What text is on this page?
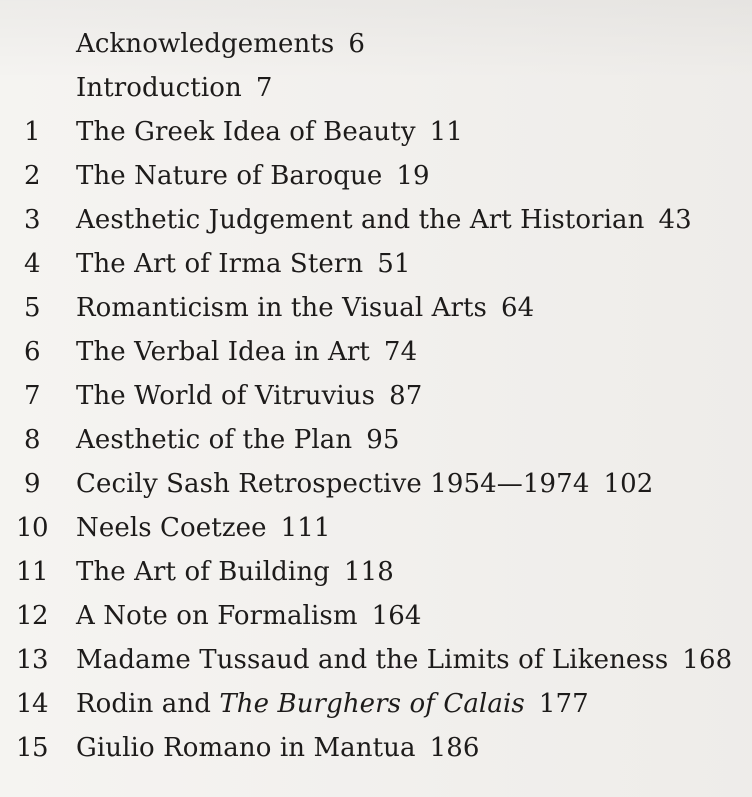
Acknowledgements 6
Introduction 7
1	The Greek Idea of Beauty 11
2	The Nature of Baroque 19
3	Aesthetic Judgement and the Art Historian 43
4	The Art of Irma Stern 51
5	Romanticism in the Visual Arts 64
6	The Verbal Idea in Art 74
7	The World of Vitruvius 87
8	Aesthetic of the Plan 95
9	Cecily Sash Retrospective 1954—1974 102
10 Neels Coetzee 111
11 The Art of Building 118
12 A Note on Formalism 164
13 Madame Tussaud and the Limits of Likeness 168
14 Rodin and The Burghers of Calais 177
15 Giulio Romano in Mantua 186
